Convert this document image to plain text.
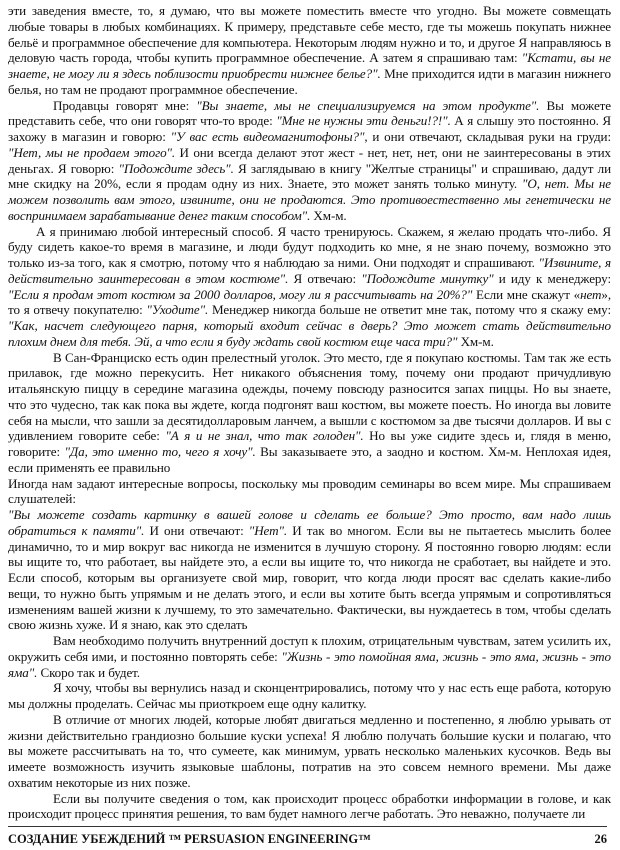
эти заведения вместе, то, я думаю, что вы можете поместить вместе что угодно. Вы можете совмещать любые товары в любых комбинациях. К примеру, представьте себе место, где ты можешь покупать нижнее бельё и программное обеспечение для компьютера. Некоторым людям нужно и то, и другое Я направляюсь в деловую часть города, чтобы купить программное обеспечение. А затем я спрашиваю там: "Кстати, вы не знаете, не могу ли я здесь поблизости приобрести нижнее белье?". Мне приходится идти в магазин нижнего белья, но там не продают программное обеспечение.

Продавцы говорят мне: "Вы знаете, мы не специализируемся на этом продукте". Вы можете представить себе, что они говорят что-то вроде: "Мне не нужны эти деньги!?!". А я слышу это постоянно. Я захожу в магазин и говорю: "У вас есть видеомагнитофоны?", и они отвечают, складывая руки на груди: "Нет, мы не продаем этого". И они всегда делают этот жест - нет, нет, нет, они не заинтересованы в этих деньгах. Я говорю: "Подождите здесь". Я заглядываю в книгу "Желтые страницы" и спрашиваю, дадут ли мне скидку на 20%, если я продам одну из них. Знаете, это может занять только минуту. "О, нет. Мы не можем позволить вам этого, извините, они не продаются. Это противоестественно мы генетически не воспринимаем зарабатывание денег таким способом". Хм-м.

А я принимаю любой интересный способ. Я часто тренируюсь. Скажем, я желаю продать что-либо. Я буду сидеть какое-то время в магазине, и люди будут подходить ко мне, я не знаю почему, возможно это только из-за того, как я смотрю, потому что я наблюдаю за ними. Они подходят и спрашивают. "Извините, я действительно заинтересован в этом костюме". Я отвечаю: "Подождите минутку" и иду к менеджеру: "Если я продам этот костюм за 2000 долларов, могу ли я рассчитывать на 20%?" Если мне скажут «нет», то я отвечу покупателю: "Уходите". Менеджер никогда больше не ответит мне так, потому что я скажу ему: "Как, насчет следующего парня, который входит сейчас в дверь? Это может стать действительно плохим днем для тебя. Эй, а что если я буду ждать свой костюм еще часа три?" Хм-м.

В Сан-Франциско есть один прелестный уголок. Это место, где я покупаю костюмы. Там так же есть прилавок, где можно перекусить. Нет никакого объяснения тому, почему они продают причудливую итальянскую пиццу в середине магазина одежды, почему повсюду разносится запах пиццы. Но вы знаете, что это чудесно, так как пока вы ждете, когда подгонят ваш костюм, вы можете поесть. Но иногда вы ловите себя на мысли, что зашли за десятидолларовым ланчем, а вышли с костюмом за две тысячи долларов. И вы с удивлением говорите себе: "А я и не знал, что так голоден". Но вы уже сидите здесь и, глядя в меню, говорите: "Да, это именно то, чего я хочу". Вы заказываете это, а заодно и костюм. Хм-м. Неплохая идея, если применять ее правильно

Иногда нам задают интересные вопросы, поскольку мы проводим семинары во всем мире. Мы спрашиваем слушателей:

"Вы можете создать картинку в вашей голове и сделать ее больше? Это просто, вам надо лишь обратиться к памяти". И они отвечают: "Нет". И так во многом. Если вы не пытаетесь мыслить более динамично, то и мир вокруг вас никогда не изменится в лучшую сторону. Я постоянно говорю людям: если вы ищите то, что работает, вы найдете это, а если вы ищите то, что никогда не сработает, вы найдете и это. Если способ, которым вы организуете свой мир, говорит, что когда люди просят вас сделать какие-либо вещи, то нужно быть упрямым и не делать этого, и если вы хотите быть всегда упрямым и сопротивляться изменениям вашей жизни к лучшему, то это замечательно. Фактически, вы нуждаетесь в том, чтобы сделать свою жизнь хуже. И я знаю, как это сделать

Вам необходимо получить внутренний доступ к плохим, отрицательным чувствам, затем усилить их, окружить себя ими, и постоянно повторять себе: "Жизнь - это помойная яма, жизнь - это яма, жизнь - это яма". Скоро так и будет.

Я хочу, чтобы вы вернулись назад и сконцентрировались, потому что у нас есть еще работа, которую мы должны проделать. Сейчас мы приоткроем еще одну калитку.

В отличие от многих людей, которые любят двигаться медленно и постепенно, я люблю урывать от жизни действительно грандиозно большие куски успеха! Я люблю получать большие куски и полагаю, что вы можете рассчитывать на то, что сумеете, как минимум, урвать несколько маленьких кусочков. Ведь вы имеете возможность изучить языковые шаблоны, потратив на это совсем немного времени. Мы даже охватим некоторые из них позже.

Если вы получите сведения о том, как происходит процесс обработки информации в голове, и как происходит процесс принятия решения, то вам будет намного легче работать. Это неважно, получаете ли

СОЗДАНИЕ УБЕЖДЕНИЙ ™ PERSUASION ENGINEERING™	26
